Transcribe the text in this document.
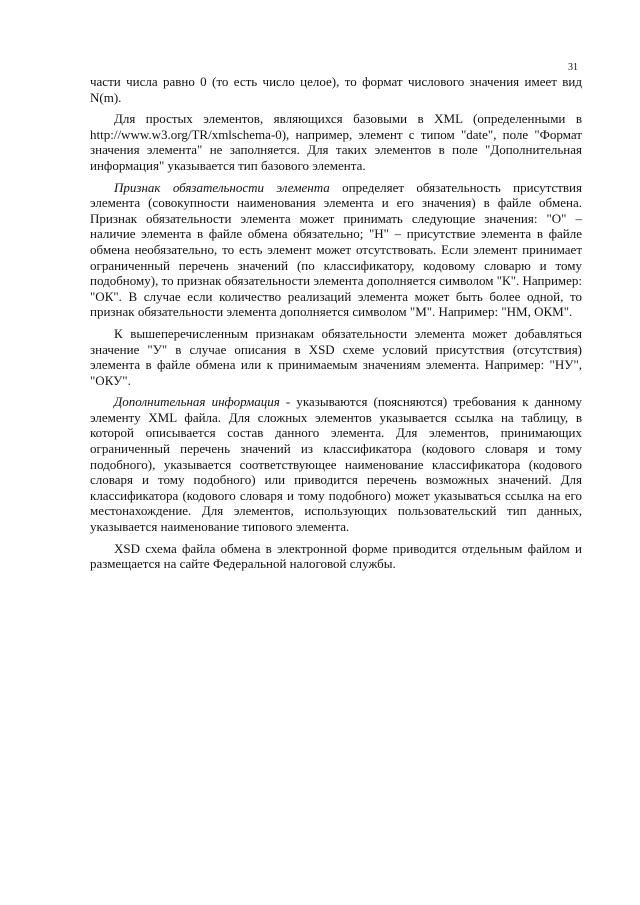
31

части числа равно 0 (то есть число целое), то формат числового значения имеет вид N(m).

Для простых элементов, являющихся базовыми в XML (определенными в http://www.w3.org/TR/xmlschema-0), например, элемент с типом "date", поле "Формат значения элемента" не заполняется. Для таких элементов в поле "Дополнительная информация" указывается тип базового элемента.

Признак обязательности элемента определяет обязательность присутствия элемента (совокупности наименования элемента и его значения) в файле обмена. Признак обязательности элемента может принимать следующие значения: "О" – наличие элемента в файле обмена обязательно; "Н" – присутствие элемента в файле обмена необязательно, то есть элемент может отсутствовать. Если элемент принимает ограниченный перечень значений (по классификатору, кодовому словарю и тому подобному), то признак обязательности элемента дополняется символом "К". Например: "ОК". В случае если количество реализаций элемента может быть более одной, то признак обязательности элемента дополняется символом "М". Например: "НМ, ОКМ".

К вышеперечисленным признакам обязательности элемента может добавляться значение "У" в случае описания в XSD схеме условий присутствия (отсутствия) элемента в файле обмена или к принимаемым значениям элемента. Например: "НУ", "ОКУ".

Дополнительная информация - указываются (поясняются) требования к данному элементу XML файла. Для сложных элементов указывается ссылка на таблицу, в которой описывается состав данного элемента. Для элементов, принимающих ограниченный перечень значений из классификатора (кодового словаря и тому подобного), указывается соответствующее наименование классификатора (кодового словаря и тому подобного) или приводится перечень возможных значений. Для классификатора (кодового словаря и тому подобного) может указываться ссылка на его местонахождение. Для элементов, использующих пользовательский тип данных, указывается наименование типового элемента.

XSD схема файла обмена в электронной форме приводится отдельным файлом и размещается на сайте Федеральной налоговой службы.
